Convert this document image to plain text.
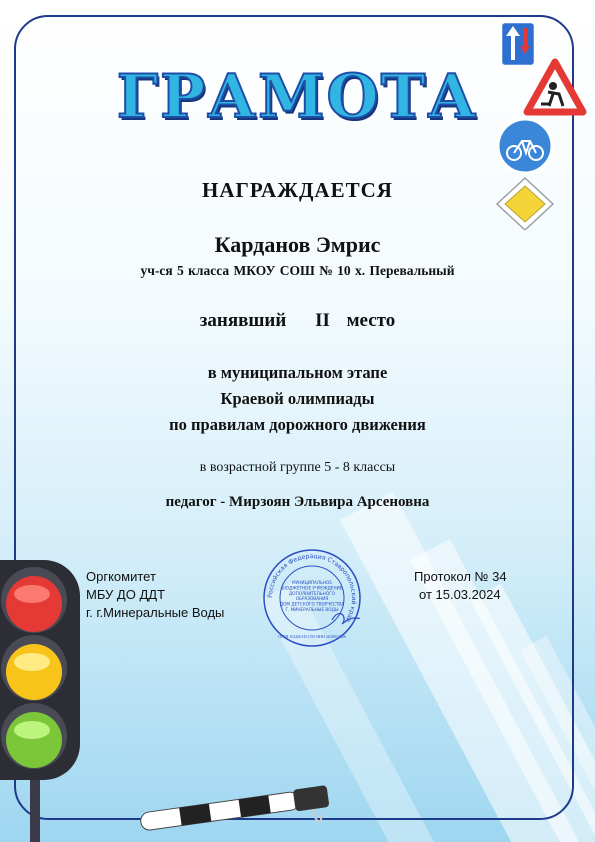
ГРАМОТА
НАГРАЖДАЕТСЯ
Карданов Эмрис
уч-ся 5 класса МКОУ СОШ № 10 х. Перевальный
занявший II место
в муниципальном этапе
Краевой олимпиады
по правилам дорожного движения
в возрастной группе 5 - 8 классы
педагог - Мирзоян Эльвира Арсеновна
Оргкомитет
МБУ ДО ДДТ
г. г.Минеральные Воды
Протокол № 34
от 15.03.2024
Российская Федерация Ставропольский край
МУНИЦИПАЛЬНОЕ
БЮДЖЕТНОЕ УЧРЕЖДЕНИЕ
ДОПОЛНИТЕЛЬНОГО
ОБРАЗОВАНИЯ
ДОМ ДЕТСКОГО ТВОРЧЕСТВА
Г. МИНЕРАЛЬНЫЕ ВОДЫ
ОГРН 1022601451193 ИНН 2630015386
